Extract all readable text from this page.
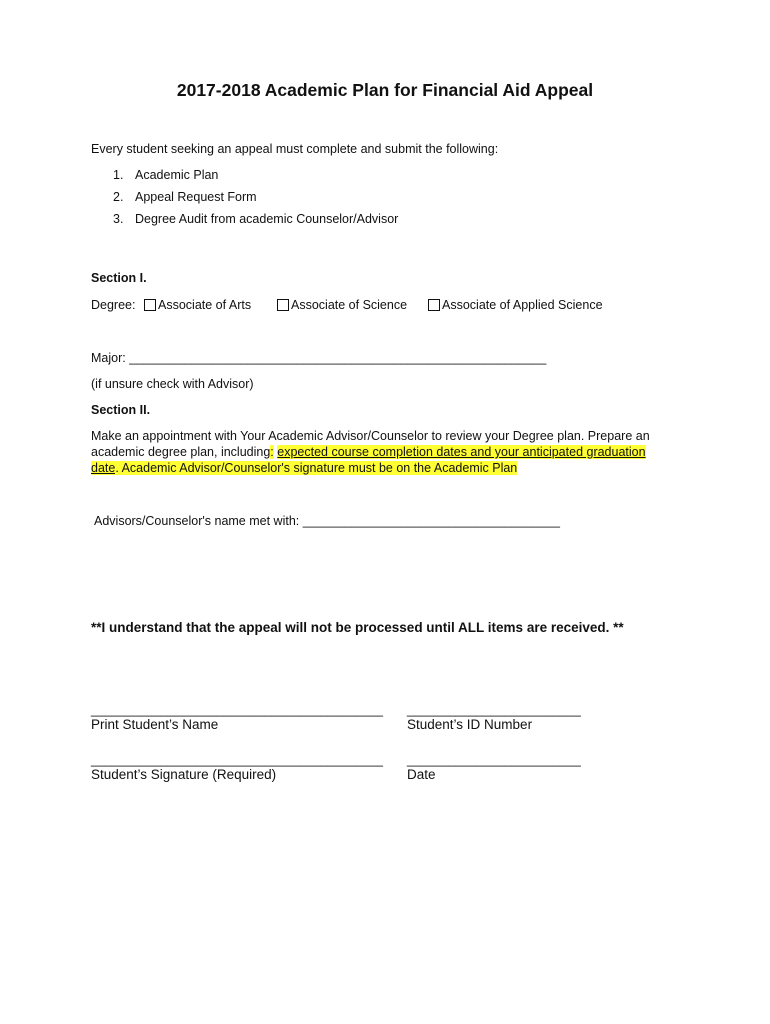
2017-2018 Academic Plan for Financial Aid Appeal
Every student seeking an appeal must complete and submit the following:
1. Academic Plan
2. Appeal Request Form
3. Degree Audit from academic Counselor/Advisor
Section I.
Degree:	Associate of Arts	Associate of Science	Associate of Applied Science
Major: ____________________________________________________________
(if unsure check with Advisor)
Section II.
Make an appointment with Your Academic Advisor/Counselor to review your Degree plan. Prepare an academic degree plan, including: expected course completion dates and your anticipated graduation date. Academic Advisor/Counselor's signature must be on the Academic Plan
Advisors/Counselor's name met with: _____________________________________
**I understand that the appeal will not be processed until ALL items are received. **
__________________________________________ _________________________
Print Student’s Name	Student’s ID Number
__________________________________________ _________________________
Student’s Signature (Required)	Date
